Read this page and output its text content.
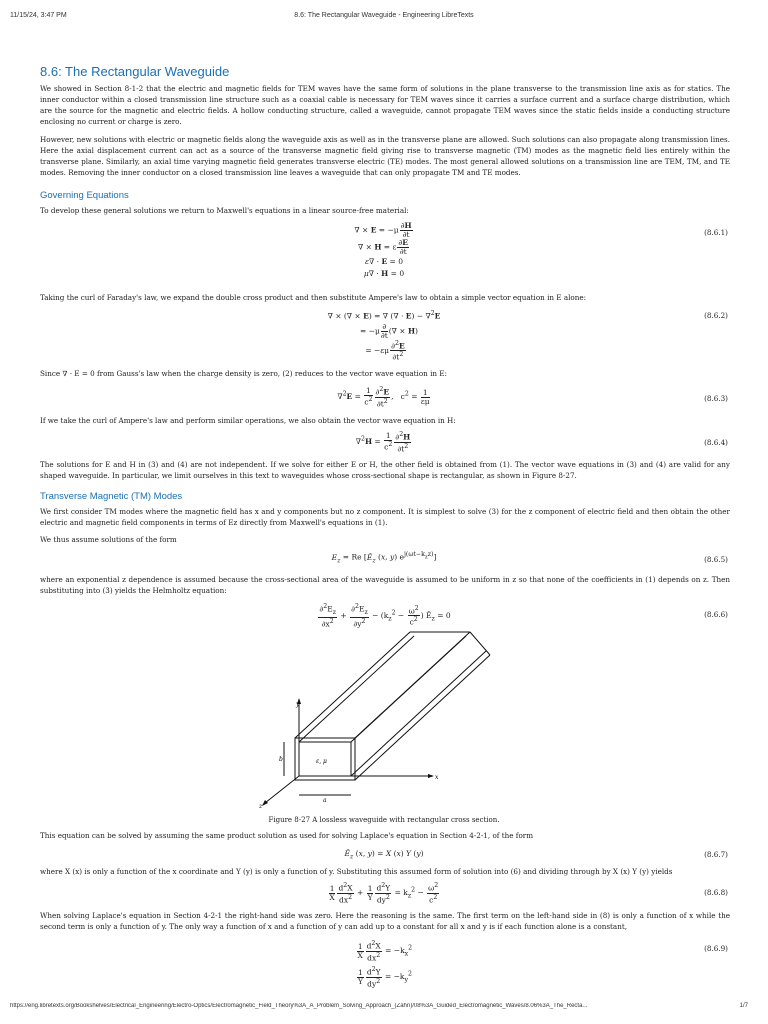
11/15/24, 3:47 PM	8.6: The Rectangular Waveguide - Engineering LibreTexts
8.6: The Rectangular Waveguide

We showed in Section 8-1-2 that the electric and magnetic fields for TEM waves have the same form of solutions in the plane transverse to the transmission line axis as for statics. The inner conductor within a closed transmission line structure such as a coaxial cable is necessary for TEM waves since it carries a surface current and a surface charge distribution, which are the source for the magnetic and electric fields. A hollow conducting structure, called a waveguide, cannot propagate TEM waves since the static fields inside a conducting structure enclosing no current or charge is zero.

However, new solutions with electric or magnetic fields along the waveguide axis as well as in the transverse plane are allowed. Such solutions can also propagate along transmission lines. Here the axial displacement current can act as a source of the transverse magnetic field giving rise to transverse magnetic (TM) modes as the magnetic field lies entirely within the transverse plane. Similarly, an axial time varying magnetic field generates transverse electric (TE) modes. The most general allowed solutions on a transmission line are TEM, TM, and TE modes. Removing the inner conductor on a closed transmission line leaves a waveguide that can only propagate TM and TE modes.

Governing Equations

To develop these general solutions we return to Maxwell's equations in a linear source-free material:

∇ × $E = -\mu \frac{\partial H}{\partial t}$
∇ × H = ε $\frac{\partial E}{\partial t}$
ε∇ · E = 0
μ∇ · H = 0
(8.6.1)

Taking the curl of Faraday's law, we expand the double cross product and then substitute Ampere's law to obtain a simple vector equation in E alone:

∇ × (∇ × E) = ∇ (∇ · E) − ∇$^2$E
= $-\mu \frac{\partial}{\partial t}$ (∇ × H)
= $-\varepsilon\mu \frac{\partial^2E}{\partial t^2}$
(8.6.2)

Since ∇ · E = 0 from Gauss's law when the charge density is zero, (2) reduces to the vector wave equation in E:

$\nabla^2E = \frac{1}{c^2} \frac{\partial^2E}{\partial t^2}$ ,   $c^2 = \frac{1}{\varepsilon\mu}$	(8.6.3)

If we take the curl of Ampere's law and perform similar operations, we also obtain the vector wave equation in H:

$\nabla^2H = \frac{1}{c^2} \frac{\partial^2H}{\partial t^2}$	(8.6.4)

The solutions for E and H in (3) and (4) are not independent. If we solve for either E or H, the other field is obtained from (1). The vector wave equations in (3) and (4) are valid for any shaped waveguide. In particular, we limit ourselves in this text to waveguides whose cross-sectional shape is rectangular, as shown in Figure 8-27.

Transverse Magnetic (TM) Modes

We first consider TM modes where the magnetic field has x and y components but no z component. It is simplest to solve (3) for the z component of electric field and then obtain the other electric and magnetic field components in terms of Ez directly from Maxwell's equations in (1).

We thus assume solutions of the form

$E_z = Re$ [$Ê_z$ (x, y) $e^{j(\omega t-k_zz)}$]	(8.6.5)

where an exponential z dependence is assumed because the cross-sectional area of the waveguide is assumed to be uniform in z so that none of the coefficients in (1) depends on z. Then substituting into (3) yields the Helmholtz equation:

$\frac{\partial^2E_z}{\partial x^2} + \frac{\partial^2E_z}{\partial y^2} - (k_z^2 - \frac{\omega^2}{c^2}$ ) $Ê_z = 0$	(8.6.6)
y
x
z
a
b	ε, μ
Figure 8-27 A lossless waveguide with rectangular cross section.

This equation can be solved by assuming the same product solution as used for solving Laplace's equation in Section 4-2-1, of the form

$Ê_z$ (x, y) = X (x) Y (y)	(8.6.7)

where X (x) is only a function of the x coordinate and Y (y) is only a function of y. Substituting this assumed form of solution into (6) and dividing through by X (x) Y (y) yields

$\frac{1}{X} \frac{d^2X}{dx^2} + \frac{1}{Y} \frac{d^2Y}{dy^2} = k_z^2 - \frac{\omega^2}{c^2}$	(8.6.8)

When solving Laplace's equation in Section 4-2-1 the right-hand side was zero. Here the reasoning is the same. The first term on the left-hand side in (8) is only a function of x while the second term is only a function of y. The only way a function of x and a function of y can add up to a constant for all x and y is if each function alone is a constant,

$\frac{1}{X} \frac{d^2X}{dx^2} = -k_x^2$
$\frac{1}{Y} \frac{d^2Y}{dy^2} = -k_y^2$
(8.6.9)
https://eng.libretexts.org/Bookshelves/Electrical_Engineering/Electro-Optics/Electromagnetic_Field_Theory%3A_A_Problem_Solving_Approach_(Zahn)/08%3A_Guided_Electromagnetic_Waves/8.06%3A_The_Recta...	1/7
